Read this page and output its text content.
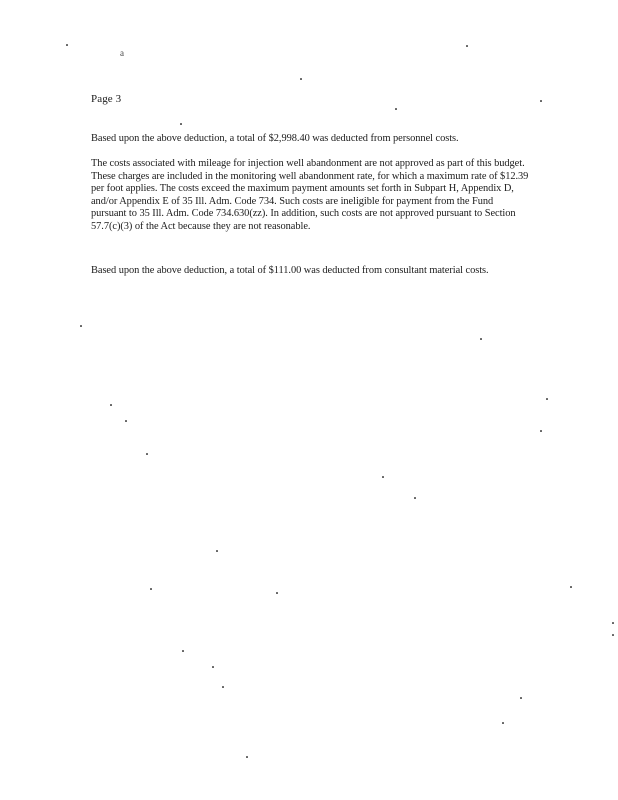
a
Page 3
Based upon the above deduction, a total of $2,998.40 was deducted from personnel costs.
The costs associated with mileage for injection well abandonment are not approved as part of this budget. These charges are included in the monitoring well abandonment rate, for which a maximum rate of $12.39 per foot applies. The costs exceed the maximum payment amounts set forth in Subpart H, Appendix D, and/or Appendix E of 35 Ill. Adm. Code 734. Such costs are ineligible for payment from the Fund pursuant to 35 Ill. Adm. Code 734.630(zz). In addition, such costs are not approved pursuant to Section 57.7(c)(3) of the Act because they are not reasonable.
Based upon the above deduction, a total of $111.00 was deducted from consultant material costs.
